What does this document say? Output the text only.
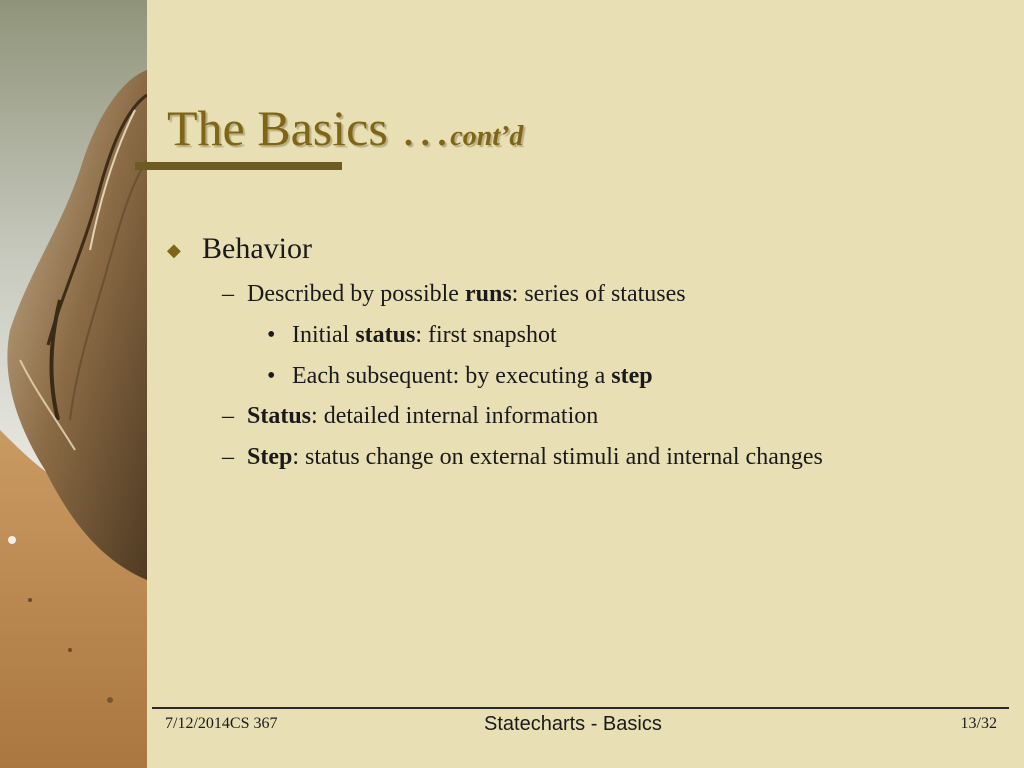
The Basics …cont’d
◆ Behavior
– Described by possible runs: series of statuses
• Initial status: first snapshot
• Each subsequent: by executing a step
– Status: detailed internal information
– Step: status change on external stimuli and internal changes
7/12/2014CS 367	Statecharts - Basics	13/32
